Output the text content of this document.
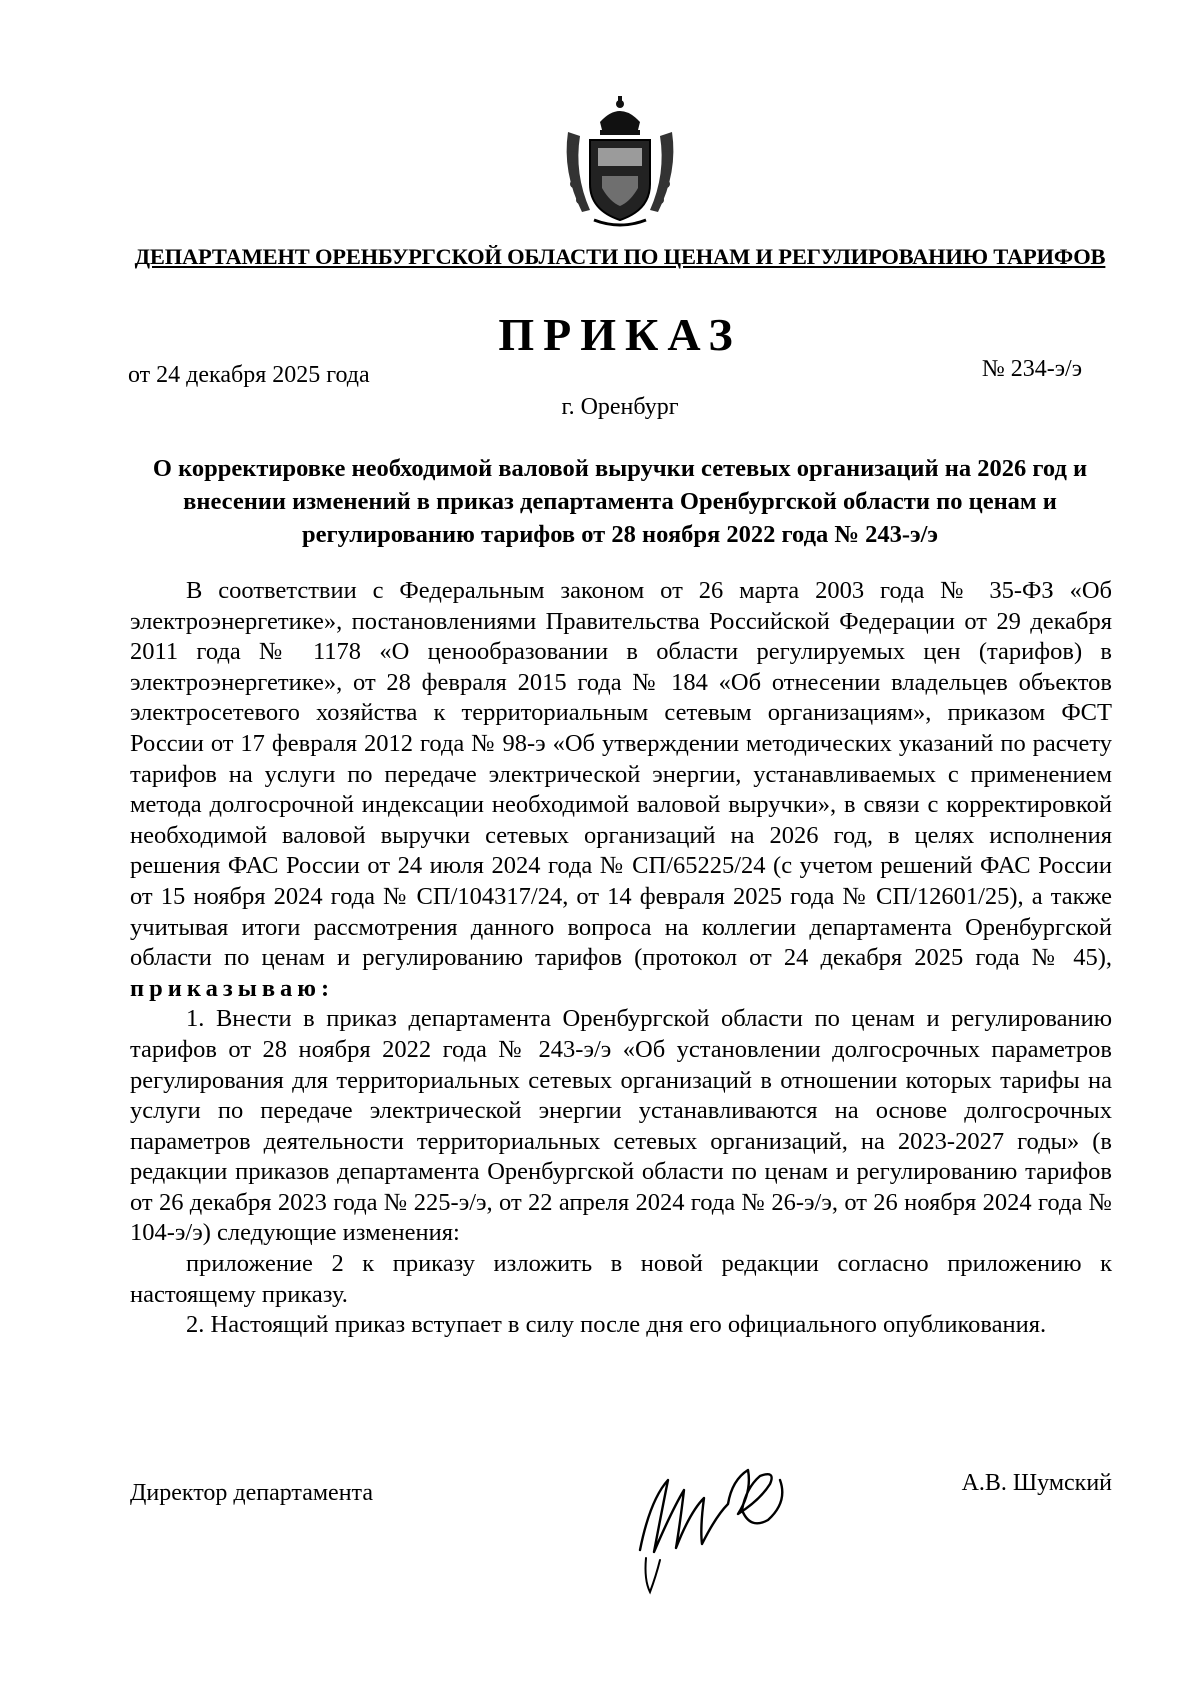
ДЕПАРТАМЕНТ ОРЕНБУРГСКОЙ ОБЛАСТИ ПО ЦЕНАМ И РЕГУЛИРОВАНИЮ ТАРИФОВ
ПРИКАЗ
от 24 декабря 2025 года	№ 234-э/э
г. Оренбург
О корректировке необходимой валовой выручки сетевых организаций на 2026 год и внесении изменений в приказ департамента Оренбургской области по ценам и регулированию тарифов от 28 ноября 2022 года № 243-э/э

В соответствии с Федеральным законом от 26 марта 2003 года № 35-ФЗ «Об электроэнергетике», постановлениями Правительства Российской Федерации от 29 декабря 2011 года № 1178 «О ценообразовании в области регулируемых цен (тарифов) в электроэнергетике», от 28 февраля 2015 года № 184 «Об отнесении владельцев объектов электросетевого хозяйства к территориальным сетевым организациям», приказом ФСТ России от 17 февраля 2012 года № 98-э «Об утверждении методических указаний по расчету тарифов на услуги по передаче электрической энергии, устанавливаемых с применением метода долгосрочной индексации необходимой валовой выручки», в связи с корректировкой необходимой валовой выручки сетевых организаций на 2026 год, в целях исполнения решения ФАС России от 24 июля 2024 года № СП/65225/24 (с учетом решений ФАС России от 15 ноября 2024 года № СП/104317/24, от 14 февраля 2025 года № СП/12601/25), а также учитывая итоги рассмотрения данного вопроса на коллегии департамента Оренбургской области по ценам и регулированию тарифов (протокол от 24 декабря 2025 года № 45), приказываю:

1. Внести в приказ департамента Оренбургской области по ценам и регулированию тарифов от 28 ноября 2022 года № 243-э/э «Об установлении долгосрочных параметров регулирования для территориальных сетевых организаций в отношении которых тарифы на услуги по передаче электрической энергии устанавливаются на основе долгосрочных параметров деятельности территориальных сетевых организаций, на 2023-2027 годы» (в редакции приказов департамента Оренбургской области по ценам и регулированию тарифов от 26 декабря 2023 года № 225-э/э, от 22 апреля 2024 года № 26-э/э, от 26 ноября 2024 года № 104-э/э) следующие изменения:

приложение 2 к приказу изложить в новой редакции согласно приложению к настоящему приказу.

2. Настоящий приказ вступает в силу после дня его официального опубликования.

Директор департамента	А.В. Шумский
